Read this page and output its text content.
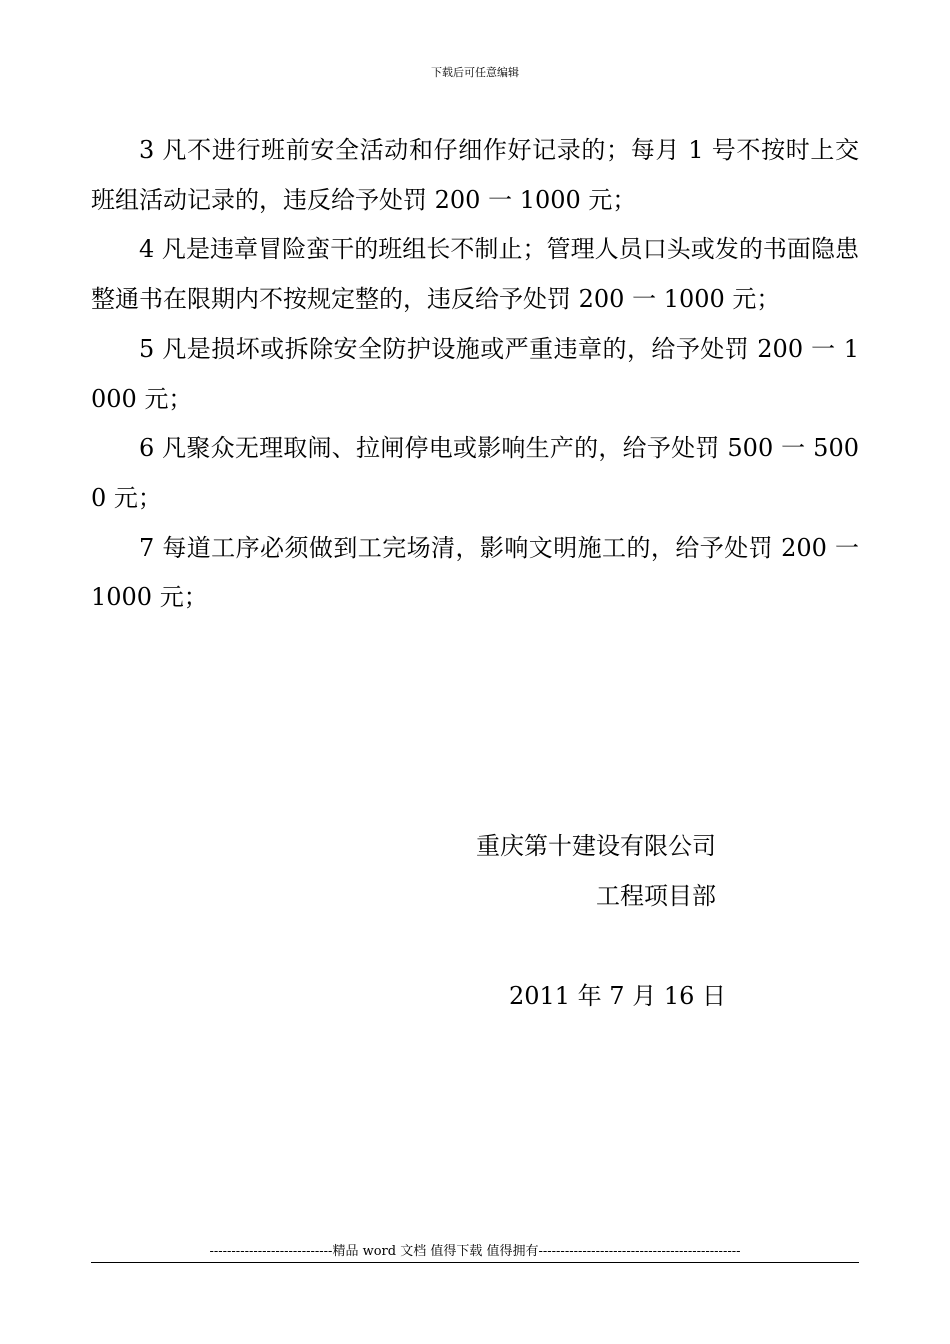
下载后可任意编辑

3 凡不进行班前安全活动和仔细作好记录的；每月 1 号不按时上交班组活动记录的，违反给予处罚 200 一 1000 元；

4 凡是违章冒险蛮干的班组长不制止；管理人员口头或发的书面隐患整通书在限期内不按规定整的，违反给予处罚 200 一 1000 元；

5 凡是损坏或拆除安全防护设施或严重违章的，给予处罚 200 一 1000 元；

6 凡聚众无理取闹、拉闸停电或影响生产的，给予处罚 500 一 5000 元；

7 每道工序必须做到工完场清，影响文明施工的，给予处罚 200 一 1000 元；

重庆第十建设有限公司
工程项目部
2011 年 7 月 16 日
----------------------------精品 word 文档 值得下载 值得拥有----------------------------------------------
